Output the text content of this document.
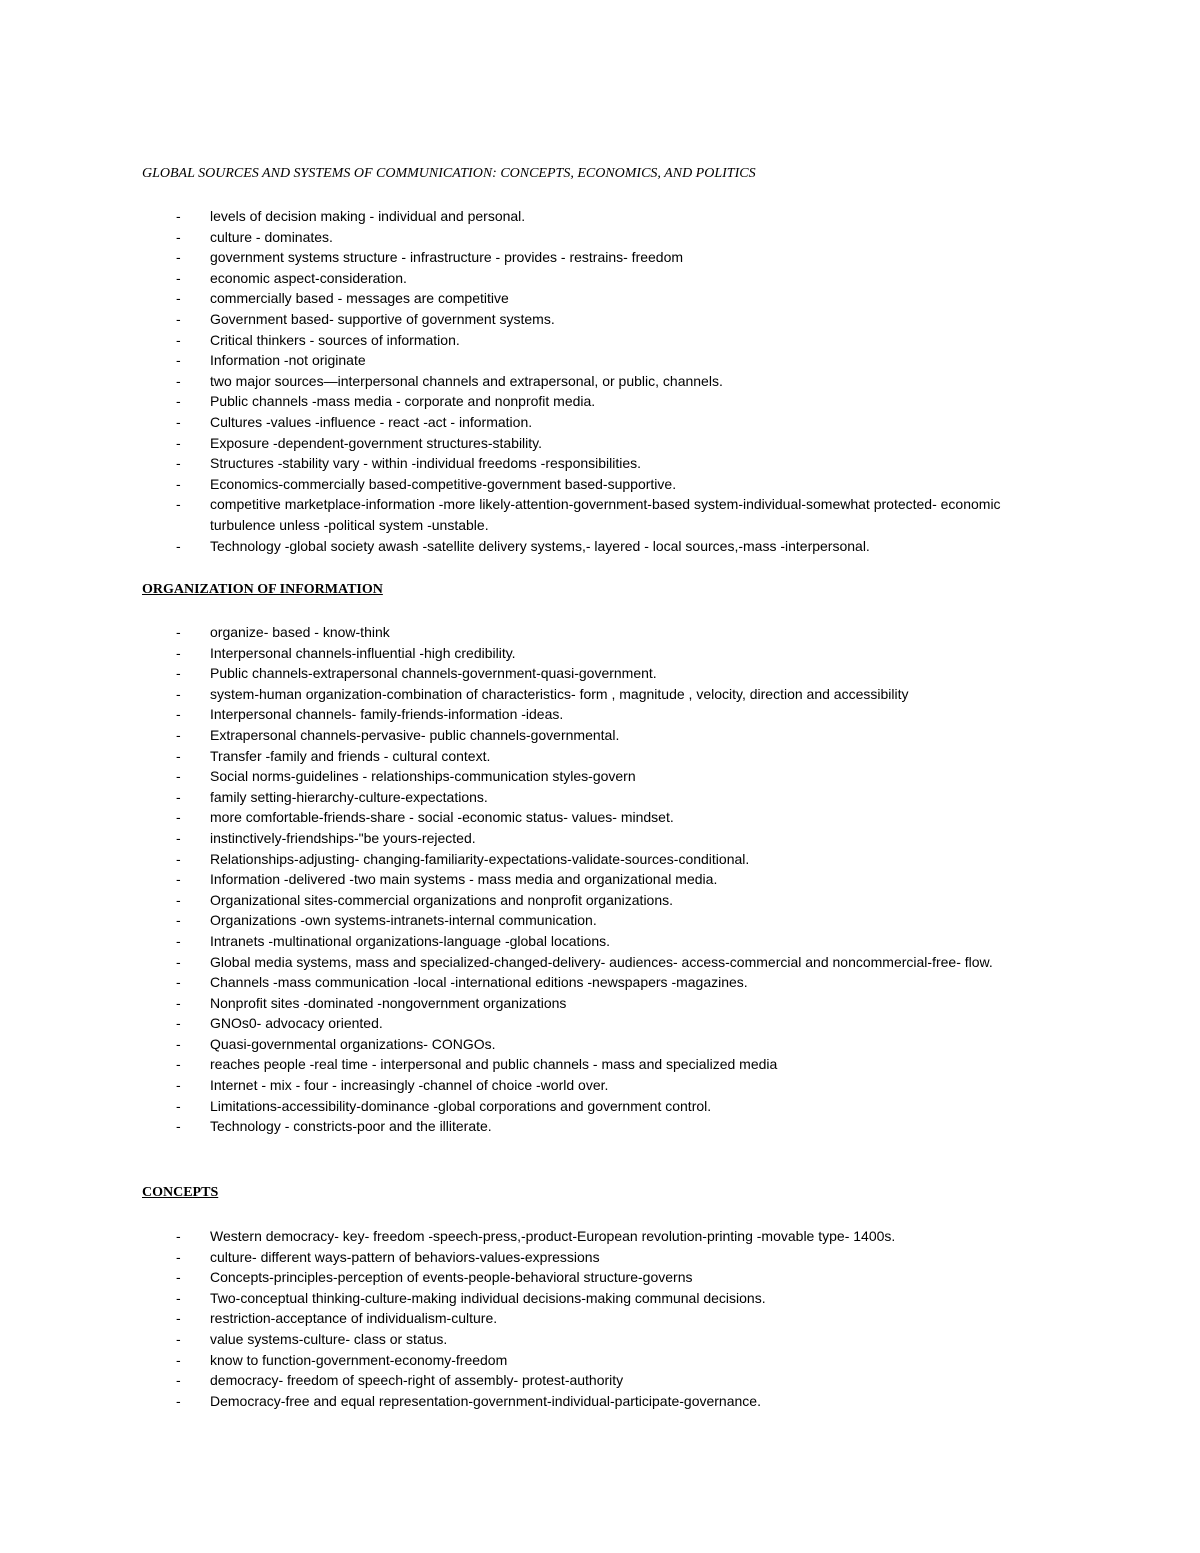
GLOBAL SOURCES AND SYSTEMS OF COMMUNICATION: CONCEPTS, ECONOMICS, AND POLITICS
- levels of decision making - individual and personal.
- culture - dominates.
- government systems structure - infrastructure - provides - restrains- freedom
- economic aspect-consideration.
- commercially based - messages are competitive
- Government based- supportive of government systems.
- Critical thinkers - sources of information.
- Information -not originate
- two major sources—interpersonal channels and extrapersonal, or public, channels.
- Public channels -mass media - corporate and nonprofit media.
- Cultures -values -influence - react -act - information.
- Exposure -dependent-government structures-stability.
- Structures -stability vary - within -individual freedoms -responsibilities.
- Economics-commercially based-competitive-government based-supportive.
- competitive marketplace-information -more likely-attention-government-based system-individual-somewhat protected- economic turbulence unless -political system -unstable.
- Technology -global society awash -satellite delivery systems,- layered - local sources,-mass -interpersonal.
ORGANIZATION OF INFORMATION
- organize- based - know-think
- Interpersonal channels-influential -high credibility.
- Public channels-extrapersonal channels-government-quasi-government.
- system-human organization-combination of characteristics- form , magnitude , velocity, direction and accessibility
- Interpersonal channels- family-friends-information -ideas.
- Extrapersonal channels-pervasive- public channels-governmental.
- Transfer -family and friends - cultural context.
- Social norms-guidelines - relationships-communication styles-govern
- family setting-hierarchy-culture-expectations.
- more comfortable-friends-share - social -economic status- values- mindset.
- instinctively-friendships-"be yours-rejected.
- Relationships-adjusting- changing-familiarity-expectations-validate-sources-conditional.
- Information -delivered -two main systems - mass media and organizational media.
- Organizational sites-commercial organizations and nonprofit organizations.
- Organizations -own systems-intranets-internal communication.
- Intranets -multinational organizations-language -global locations.
- Global media systems, mass and specialized-changed-delivery- audiences- access-commercial and noncommercial-free- flow.
- Channels -mass communication -local -international editions -newspapers -magazines.
- Nonprofit sites -dominated -nongovernment organizations
- GNOs0- advocacy oriented.
- Quasi-governmental organizations- CONGOs.
- reaches people -real time - interpersonal and public channels - mass and specialized media
- Internet - mix - four - increasingly -channel of choice -world over.
- Limitations-accessibility-dominance -global corporations and government control.
- Technology - constricts-poor and the illiterate.
CONCEPTS
- Western democracy- key- freedom -speech-press,-product-European revolution-printing -movable type- 1400s.
- culture- different ways-pattern of behaviors-values-expressions
- Concepts-principles-perception of events-people-behavioral structure-governs
- Two-conceptual thinking-culture-making individual decisions-making communal decisions.
- restriction-acceptance of individualism-culture.
- value systems-culture- class or status.
- know to function-government-economy-freedom
- democracy- freedom of speech-right of assembly- protest-authority
- Democracy-free and equal representation-government-individual-participate-governance.
